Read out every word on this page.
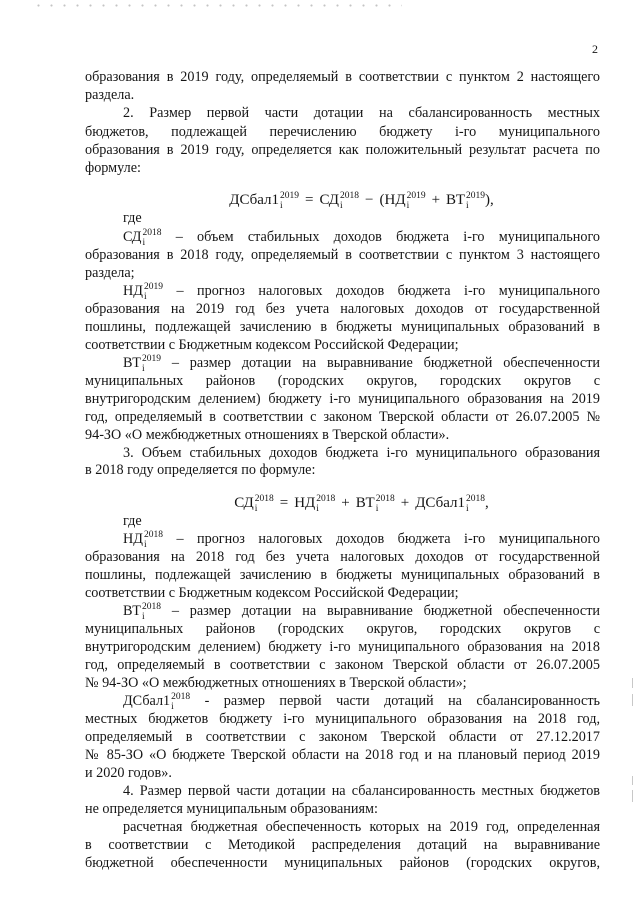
2
образования в 2019 году, определяемый в соответствии с пунктом 2 настоящего
раздела.
2. Размер первой части дотации на сбалансированность местных
бюджетов, подлежащей перечислению бюджету i-го муниципального
образования в 2019 году, определяется как положительный результат расчета по
формуле:
ДСбал12019
i = СД2018
i − (НД2019
i + ВТ2019
i ),
где
СД2018
i – объем стабильных доходов бюджета i-го муниципального
образования в 2018 году, определяемый в соответствии с пунктом 3 настоящего
раздела;
НД2019
i – прогноз налоговых доходов бюджета i-го муниципального
образования на 2019 год без учета налоговых доходов от государственной
пошлины, подлежащей зачислению в бюджеты муниципальных образований в
соответствии с Бюджетным кодексом Российской Федерации;
ВТ2019
i – размер дотации на выравнивание бюджетной обеспеченности
муниципальных районов (городских округов, городских округов с
внутригородским делением) бюджету i-го муниципального образования на 2019
год, определяемый в соответствии с законом Тверской области от 26.07.2005 №
94-ЗО «О межбюджетных отношениях в Тверской области».
3. Объем стабильных доходов бюджета i-го муниципального образования
в 2018 году определяется по формуле:
СД2018
i = НД2018
i + ВТ2018
i + ДСбал12018
i ,
где
НД2018
i – прогноз налоговых доходов бюджета i-го муниципального
образования на 2018 год без учета налоговых доходов от государственной
пошлины, подлежащей зачислению в бюджеты муниципальных образований в
соответствии с Бюджетным кодексом Российской Федерации;
ВТ2018
i – размер дотации на выравнивание бюджетной обеспеченности
муниципальных районов (городских округов, городских округов с
внутригородским делением) бюджету i-го муниципального образования на 2018
год, определяемый в соответствии с законом Тверской области от 26.07.2005
№ 94-ЗО «О межбюджетных отношениях в Тверской области»;
ДСбал12018
i - размер первой части дотаций на сбалансированность
местных бюджетов бюджету i-го муниципального образования на 2018 год,
определяемый в соответствии с законом Тверской области от 27.12.2017
№ 85-ЗО «О бюджете Тверской области на 2018 год и на плановый период 2019
и 2020 годов».
4. Размер первой части дотации на сбалансированность местных бюджетов
не определяется муниципальным образованиям:
расчетная бюджетная обеспеченность которых на 2019 год, определенная
в соответствии с Методикой распределения дотаций на выравнивание
бюджетной обеспеченности муниципальных районов (городских округов,
